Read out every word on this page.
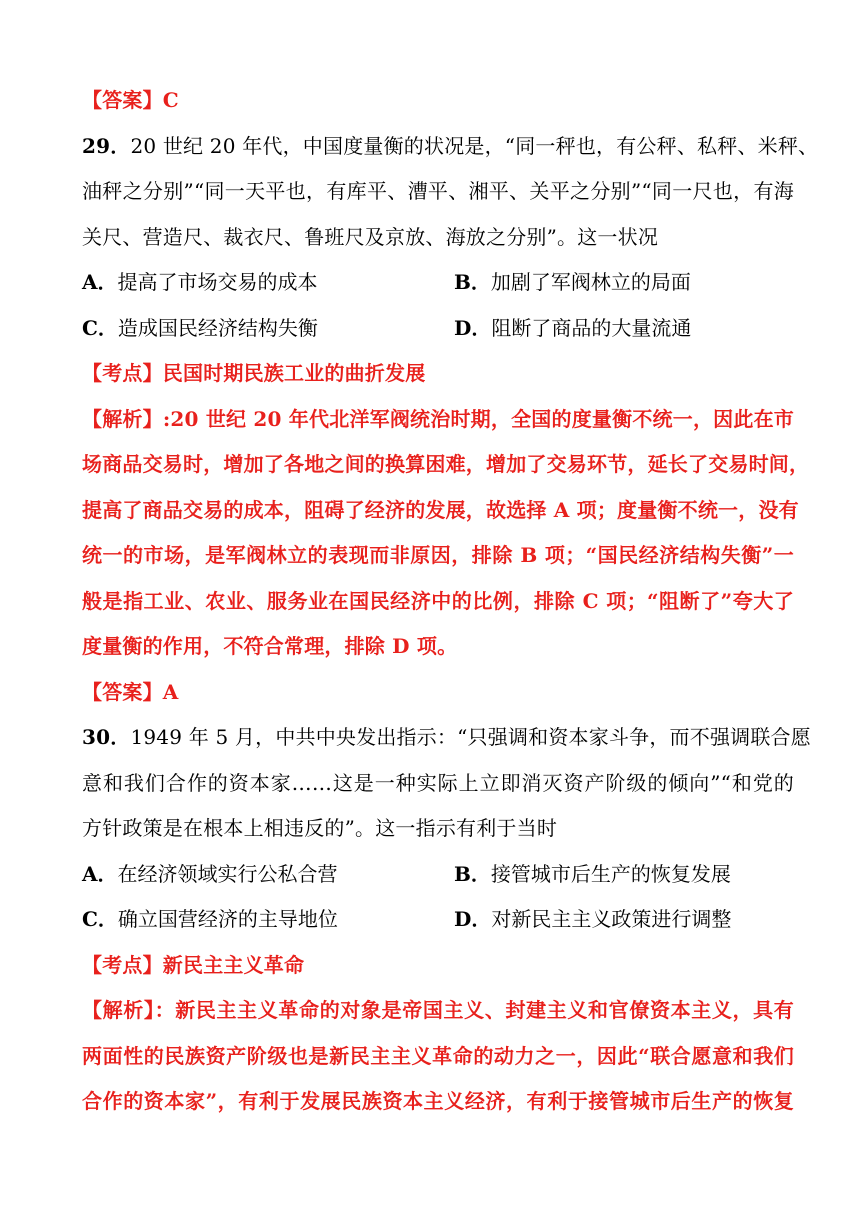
【答案】C
29．20 世纪 20 年代，中国度量衡的状况是，“同一秤也，有公秤、私秤、米秤、
油秤之分别”“同一天平也，有库平、漕平、湘平、关平之分别”“同一尺也，有海
关尺、营造尺、裁衣尺、鲁班尺及京放、海放之分别”。这一状况
A． 提高了市场交易的成本	B． 加剧了军阀林立的局面
C． 造成国民经济结构失衡	D． 阻断了商品的大量流通
【考点】民国时期民族工业的曲折发展
【解析】:20 世纪 20 年代北洋军阀统治时期，全国的度量衡不统一，因此在市
场商品交易时，增加了各地之间的换算困难，增加了交易环节，延长了交易时间，
提高了商品交易的成本，阻碍了经济的发展，故选择 A 项；度量衡不统一，没有
统一的市场，是军阀林立的表现而非原因，排除 B 项；“国民经济结构失衡”一
般是指工业、农业、服务业在国民经济中的比例，排除 C 项；“阻断了”夸大了
度量衡的作用，不符合常理，排除 D 项。
【答案】A
30．1949 年 5 月，中共中央发出指示：“只强调和资本家斗争，而不强调联合愿
意和我们合作的资本家……这是一种实际上立即消灭资产阶级的倾向”“和党的
方针政策是在根本上相违反的”。这一指示有利于当时
A． 在经济领域实行公私合营	B． 接管城市后生产的恢复发展
C． 确立国营经济的主导地位	D． 对新民主主义政策进行调整
【考点】新民主主义革命
【解析】：新民主主义革命的对象是帝国主义、封建主义和官僚资本主义，具有
两面性的民族资产阶级也是新民主主义革命的动力之一，因此“联合愿意和我们
合作的资本家”，有利于发展民族资本主义经济，有利于接管城市后生产的恢复
